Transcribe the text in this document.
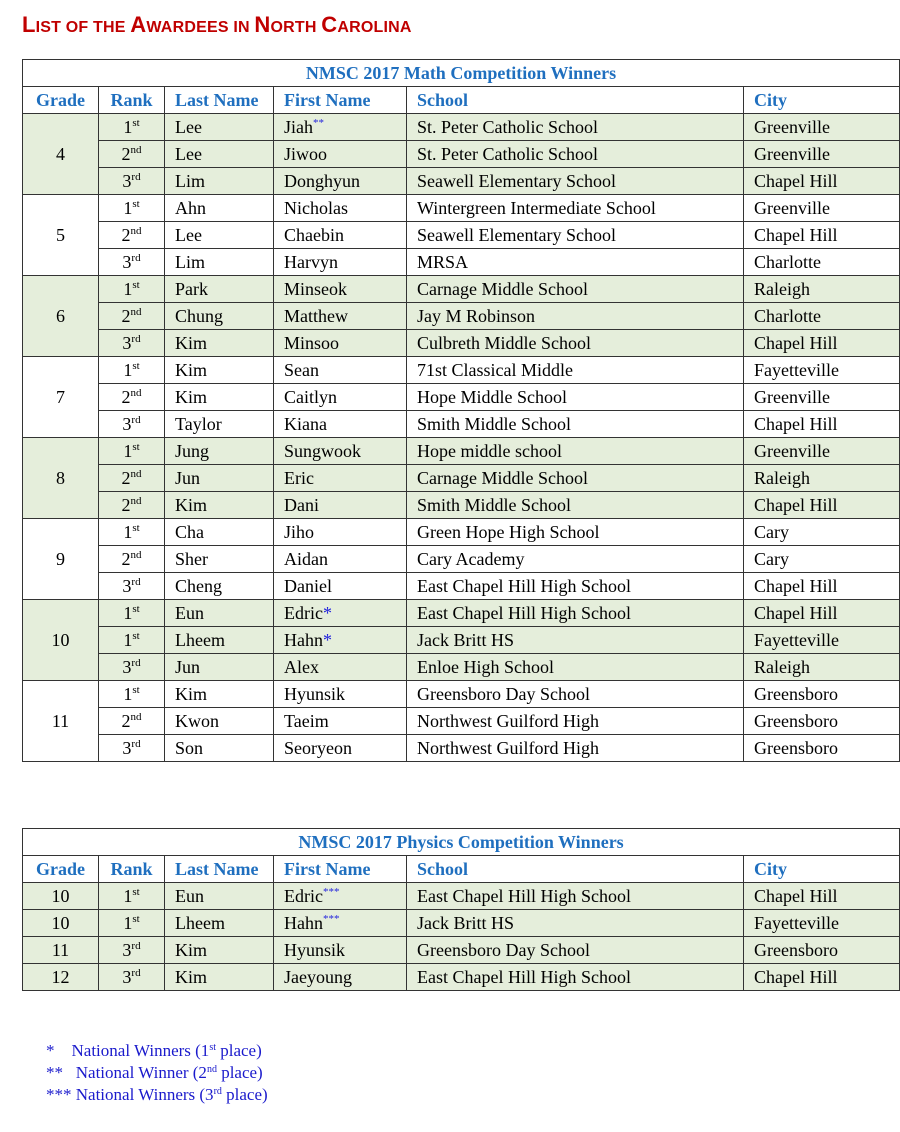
LIST OF THE AWARDEES IN NORTH CAROLINA
NMSC 2017 Math Competition Winners					
Grade	Rank	Last Name	First Name	School	City
4	1st	Lee	Jiah**	St. Peter Catholic School	Greenville
	2nd	Lee	Jiwoo	St. Peter Catholic School	Greenville
	3rd	Lim	Donghyun	Seawell Elementary School	Chapel Hill
5	1st	Ahn	Nicholas	Wintergreen Intermediate School	Greenville
	2nd	Lee	Chaebin	Seawell Elementary School	Chapel Hill
	3rd	Lim	Harvyn	MRSA	Charlotte
6	1st	Park	Minseok	Carnage Middle School	Raleigh
	2nd	Chung	Matthew	Jay M Robinson	Charlotte
	3rd	Kim	Minsoo	Culbreth Middle School	Chapel Hill
7	1st	Kim	Sean	71st Classical Middle	Fayetteville
	2nd	Kim	Caitlyn	Hope Middle School	Greenville
	3rd	Taylor	Kiana	Smith Middle School	Chapel Hill
8	1st	Jung	Sungwook	Hope middle school	Greenville
	2nd	Jun	Eric	Carnage Middle School	Raleigh
	2nd	Kim	Dani	Smith Middle School	Chapel Hill
9	1st	Cha	Jiho	Green Hope High School	Cary
	2nd	Sher	Aidan	Cary Academy	Cary
	3rd	Cheng	Daniel	East Chapel Hill High School	Chapel Hill
10	1st	Eun	Edric*	East Chapel Hill High School	Chapel Hill
	1st	Lheem	Hahn*	Jack Britt HS	Fayetteville
	3rd	Jun	Alex	Enloe High School	Raleigh
11	1st	Kim	Hyunsik	Greensboro Day School	Greensboro
	2nd	Kwon	Taeim	Northwest Guilford High	Greensboro
	3rd	Son	Seoryeon	Northwest Guilford High	Greensboro
NMSC 2017 Physics Competition Winners					
Grade	Rank	Last Name	First Name	School	City
10	1st	Eun	Edric***	East Chapel Hill High School	Chapel Hill
10	1st	Lheem	Hahn***	Jack Britt HS	Fayetteville
11	3rd	Kim	Hyunsik	Greensboro Day School	Greensboro
12	3rd	Kim	Jaeyoung	East Chapel Hill High School	Chapel Hill
*    National Winners (1st place)
**   National Winner (2nd place)
*** National Winners (3rd place)
